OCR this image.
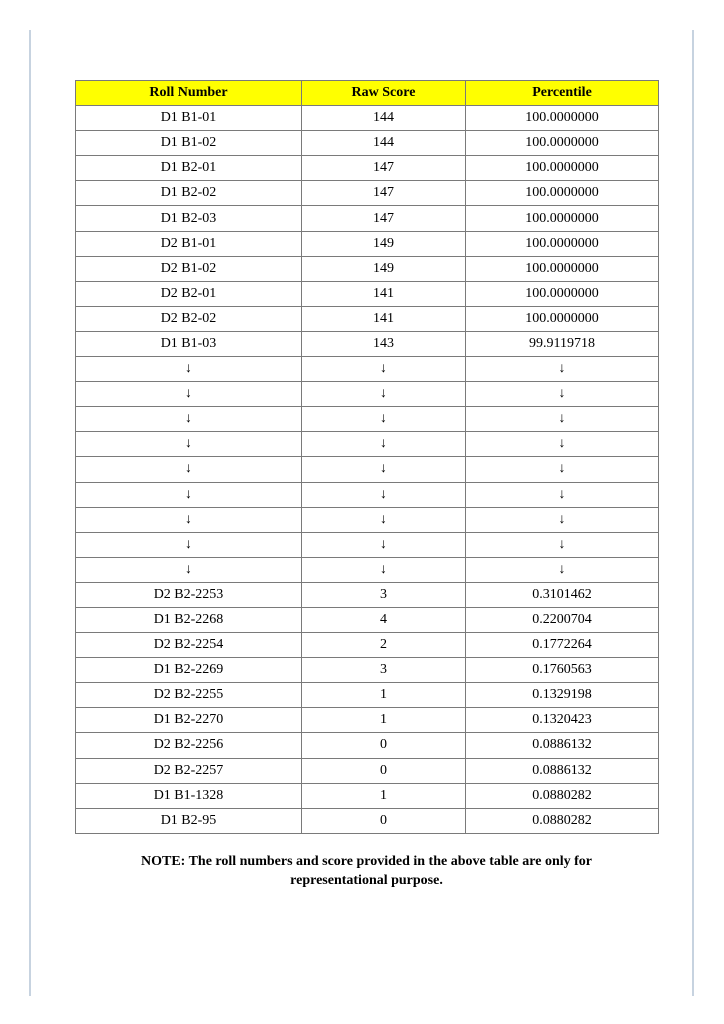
Roll Number	Raw Score	Percentile
D1 B1-01	144	100.0000000
D1 B1-02	144	100.0000000
D1 B2-01	147	100.0000000
D1 B2-02	147	100.0000000
D1 B2-03	147	100.0000000
D2 B1-01	149	100.0000000
D2 B1-02	149	100.0000000
D2 B2-01	141	100.0000000
D2 B2-02	141	100.0000000
D1 B1-03	143	99.9119718
↓	↓	↓
↓	↓	↓
↓	↓	↓
↓	↓	↓
↓	↓	↓
↓	↓	↓
↓	↓	↓
↓	↓	↓
↓	↓	↓
D2 B2-2253	3	0.3101462
D1 B2-2268	4	0.2200704
D2 B2-2254	2	0.1772264
D1 B2-2269	3	0.1760563
D2 B2-2255	1	0.1329198
D1 B2-2270	1	0.1320423
D2 B2-2256	0	0.0886132
D2 B2-2257	0	0.0886132
D1 B1-1328	1	0.0880282
D1 B2-95	0	0.0880282
NOTE: The roll numbers and score provided in the above table are only for
representational purpose.
